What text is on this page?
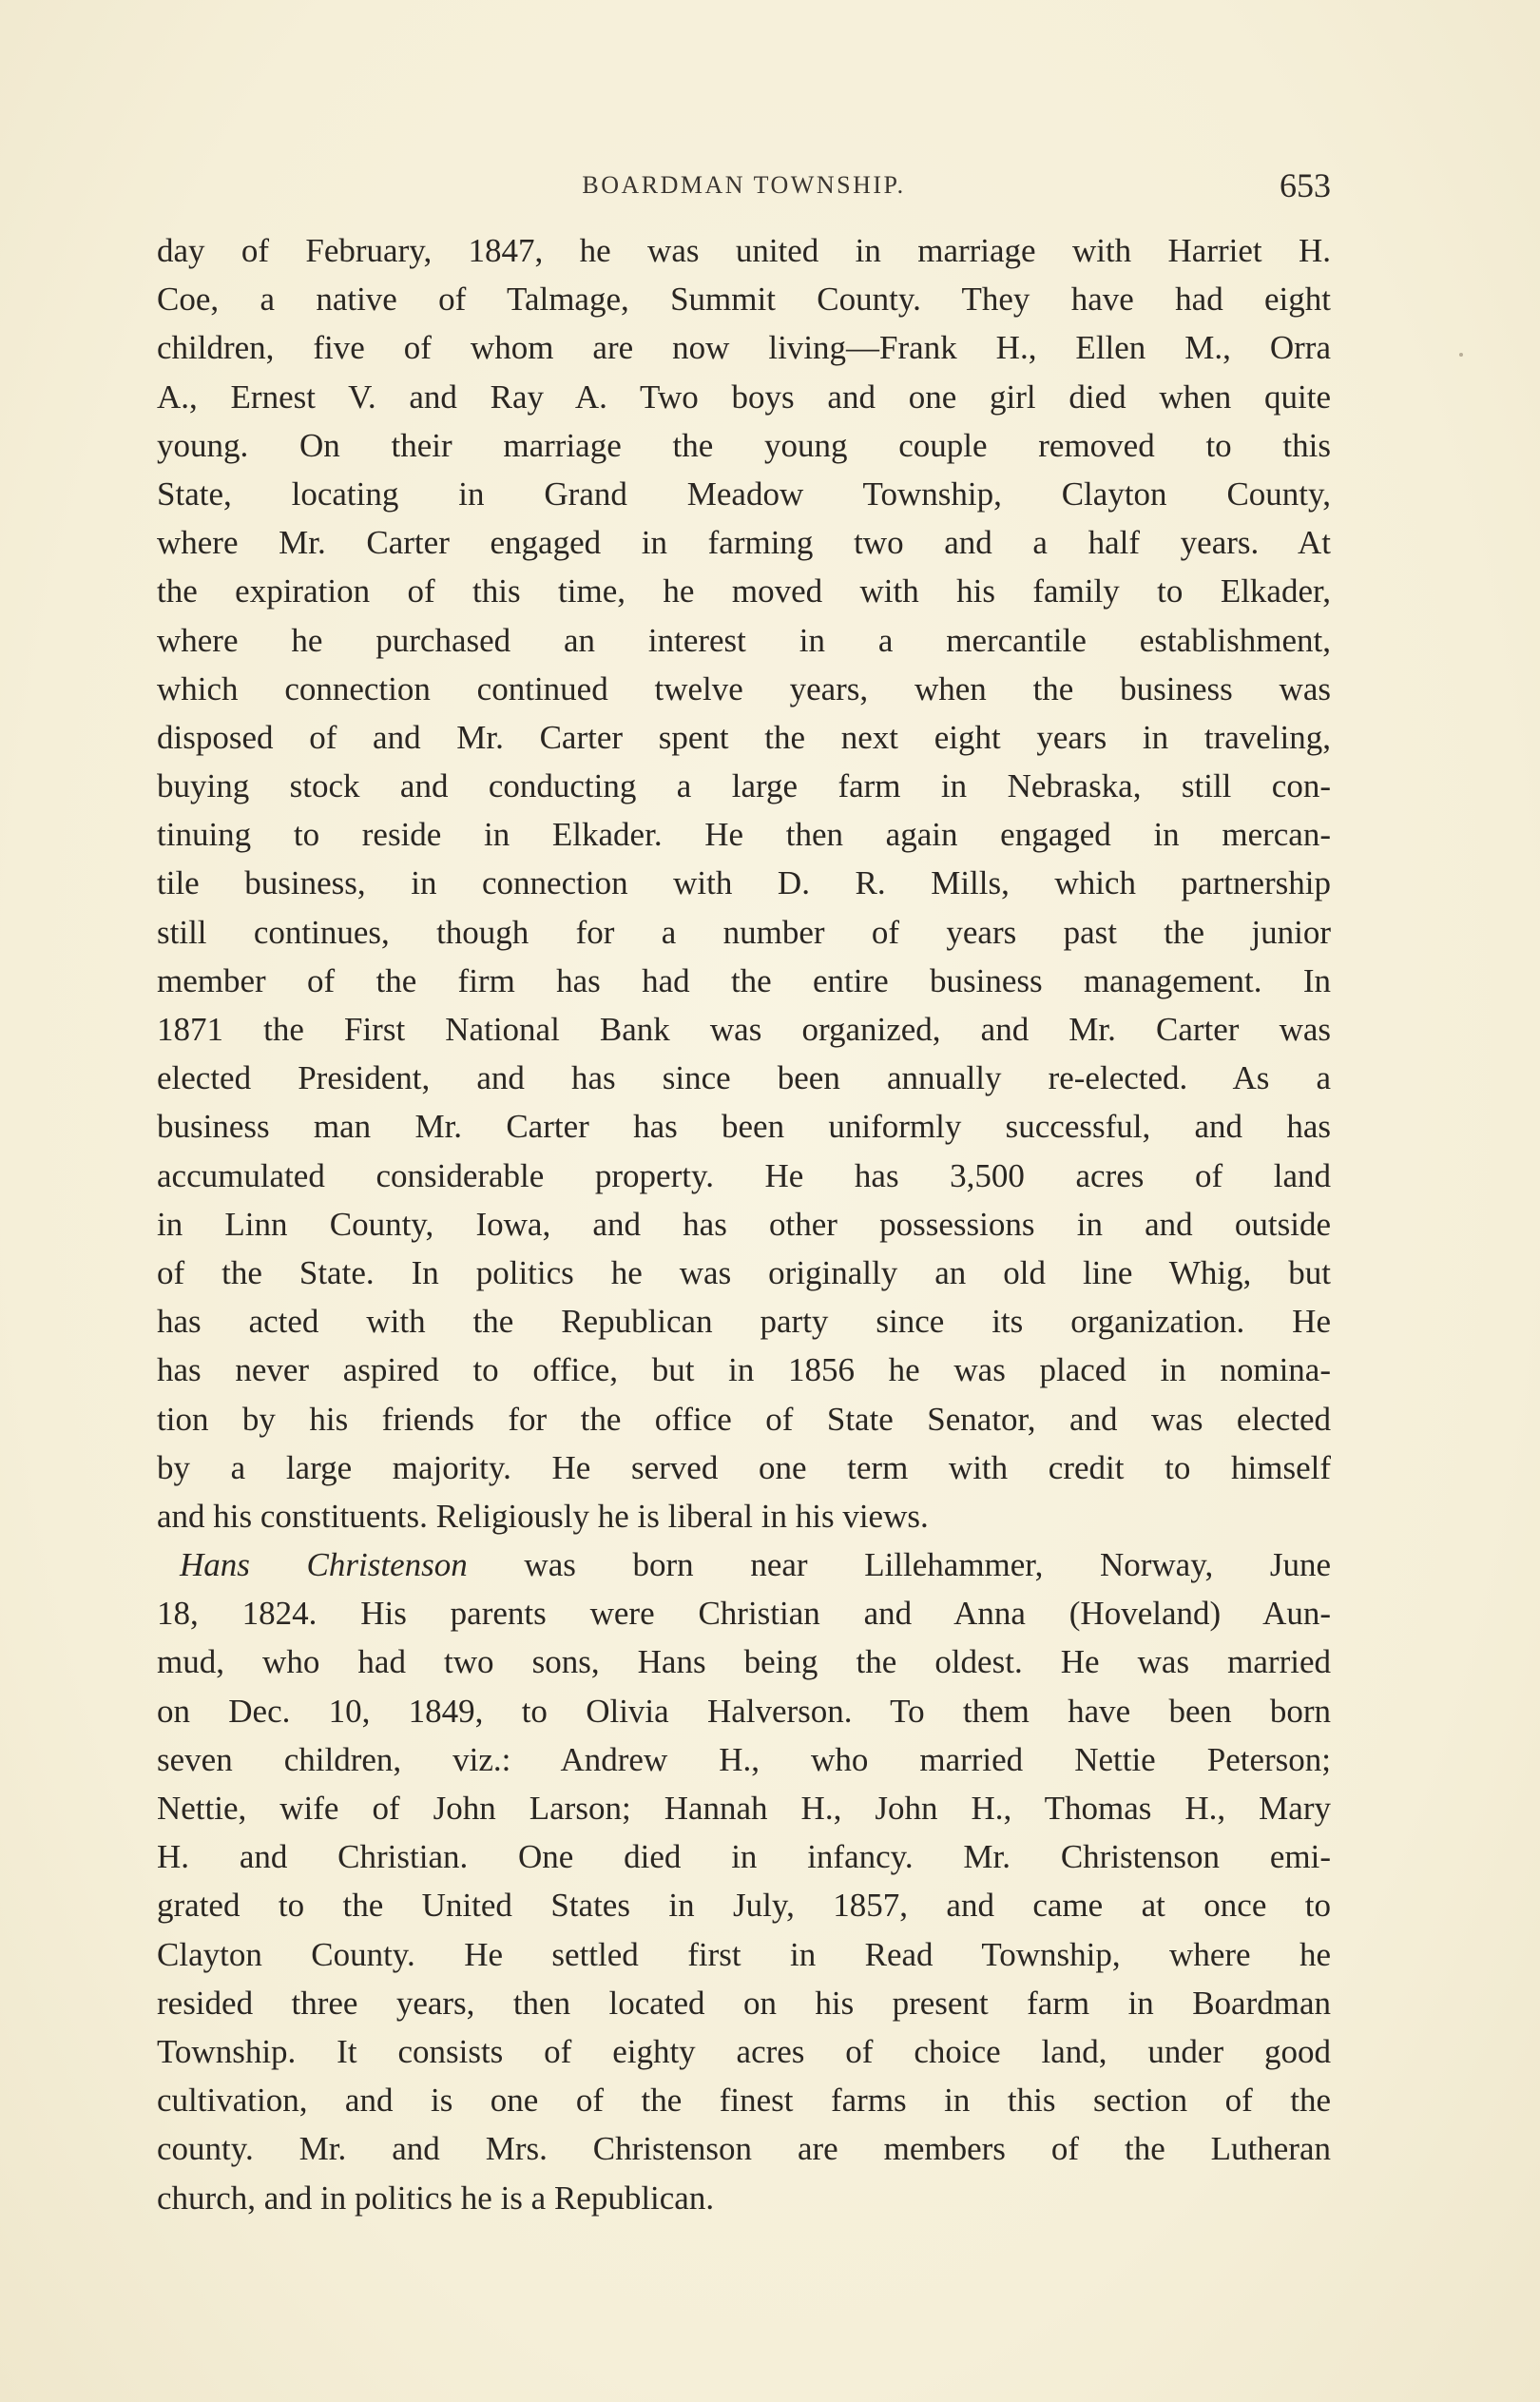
BOARDMAN TOWNSHIP.	653
day of February, 1847, he was united in marriage with Harriet H.
Coe, a native of Talmage, Summit County. They have had eight
children, five of whom are now living—Frank H., Ellen M., Orra
A., Ernest V. and Ray A. Two boys and one girl died when quite
young. On their marriage the young couple removed to this
State, locating in Grand Meadow Township, Clayton County,
where Mr. Carter engaged in farming two and a half years. At
the expiration of this time, he moved with his family to Elkader,
where he purchased an interest in a mercantile establishment,
which connection continued twelve years, when the business was
disposed of and Mr. Carter spent the next eight years in traveling,
buying stock and conducting a large farm in Nebraska, still con-
tinuing to reside in Elkader. He then again engaged in mercan-
tile business, in connection with D. R. Mills, which partnership
still continues, though for a number of years past the junior
member of the firm has had the entire business management. In
1871 the First National Bank was organized, and Mr. Carter was
elected President, and has since been annually re-elected. As a
business man Mr. Carter has been uniformly successful, and has
accumulated considerable property. He has 3,500 acres of land
in Linn County, Iowa, and has other possessions in and outside
of the State. In politics he was originally an old line Whig, but
has acted with the Republican party since its organization. He
has never aspired to office, but in 1856 he was placed in nomina-
tion by his friends for the office of State Senator, and was elected
by a large majority. He served one term with credit to himself
and his constituents. Religiously he is liberal in his views.
Hans Christenson was born near Lillehammer, Norway, June
18, 1824. His parents were Christian and Anna (Hoveland) Aun-
mud, who had two sons, Hans being the oldest. He was married
on Dec. 10, 1849, to Olivia Halverson. To them have been born
seven children, viz.: Andrew H., who married Nettie Peterson;
Nettie, wife of John Larson; Hannah H., John H., Thomas H., Mary
H. and Christian. One died in infancy. Mr. Christenson emi-
grated to the United States in July, 1857, and came at once to
Clayton County. He settled first in Read Township, where he
resided three years, then located on his present farm in Boardman
Township. It consists of eighty acres of choice land, under good
cultivation, and is one of the finest farms in this section of the
county. Mr. and Mrs. Christenson are members of the Lutheran
church, and in politics he is a Republican.
